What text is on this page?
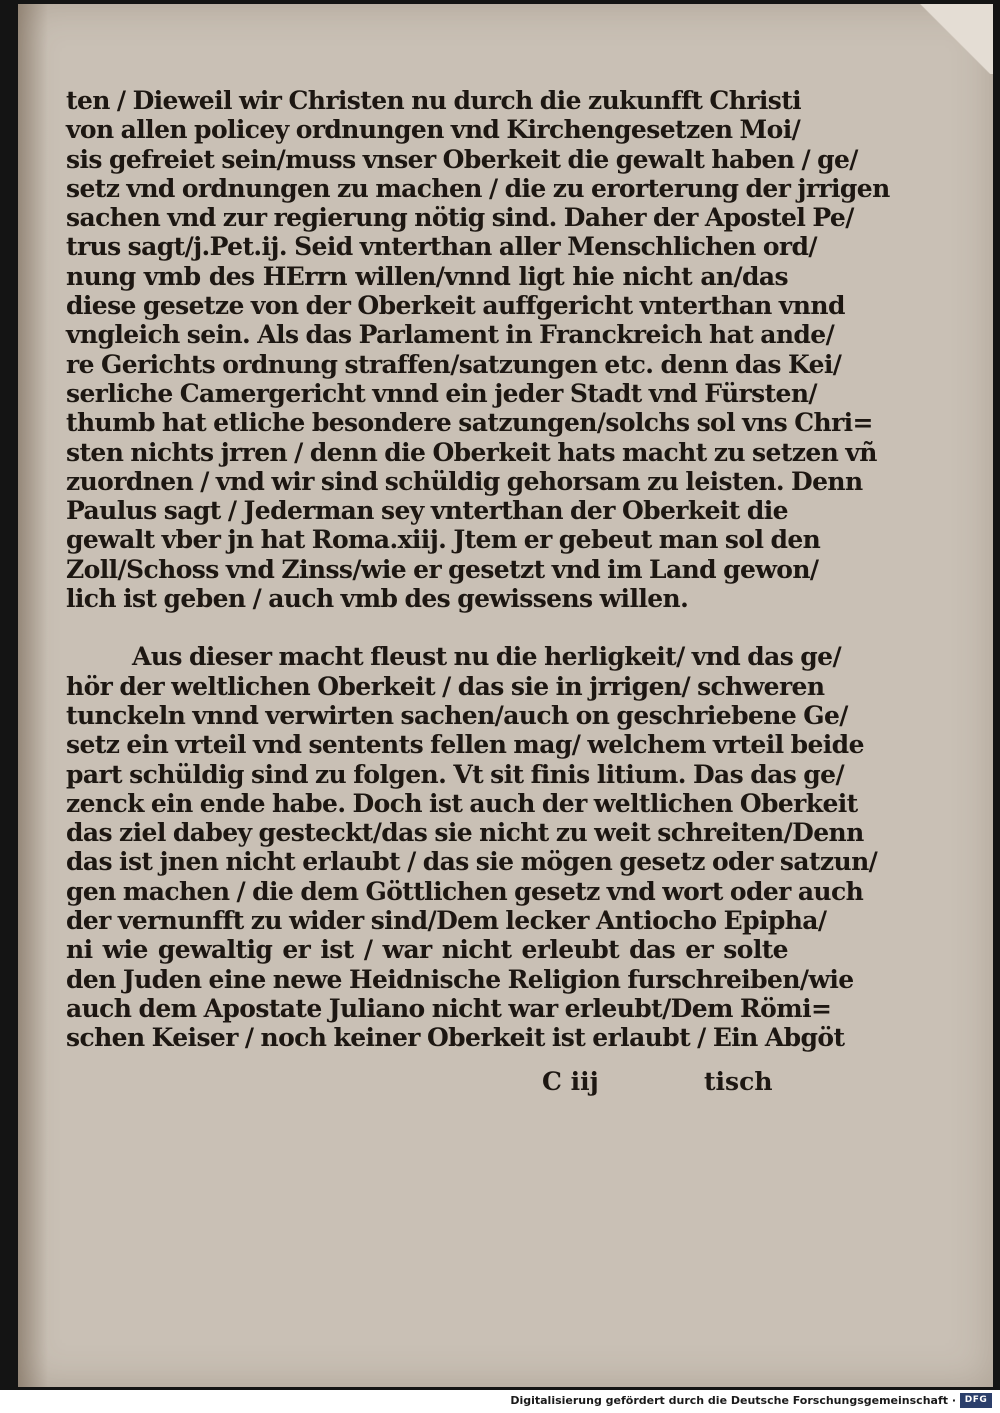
ten / Dieweil wir Christen nu durch die zukunfft Christi
von allen policey ordnungen vnd Kirchengesetzen Moi/
sis gefreiet sein/muss vnser Oberkeit die gewalt haben / ge/
setz vnd ordnungen zu machen / die zu erorterung der jrrigen
sachen vnd zur regierung nötig sind. Daher der Apostel Pe/
trus sagt/j.Pet.ij. Seid vnterthan aller Menschlichen ord/
nung vmb des HErrn willen/vnnd ligt hie nicht an/das
diese gesetze von der Oberkeit auffgericht vnterthan vnnd
vngleich sein. Als das Parlament in Franckreich hat ande/
re Gerichts ordnung straffen/satzungen etc. denn das Kei/
serliche Camergericht vnnd ein jeder Stadt vnd Fürsten/
thumb hat etliche besondere satzungen/solchs sol vns Chri=
sten nichts jrren / denn die Oberkeit hats macht zu setzen vñ
zuordnen / vnd wir sind schüldig gehorsam zu leisten. Denn
Paulus sagt / Jederman sey vnterthan der Oberkeit die
gewalt vber jn hat Roma.xiij. Jtem er gebeut man sol den
Zoll/Schoss vnd Zinss/wie er gesetzt vnd im Land gewon/
lich ist geben / auch vmb des gewissens willen.
Aus dieser macht fleust nu die herligkeit/ vnd das ge/
hör der weltlichen Oberkeit / das sie in jrrigen/ schweren
tunckeln vnnd verwirten sachen/auch on geschriebene Ge/
setz ein vrteil vnd sentents fellen mag/ welchem vrteil beide
part schüldig sind zu folgen. Vt sit finis litium. Das das ge/
zenck ein ende habe. Doch ist auch der weltlichen Oberkeit
das ziel dabey gesteckt/das sie nicht zu weit schreiten/Denn
das ist jnen nicht erlaubt / das sie mögen gesetz oder satzun/
gen machen / die dem Göttlichen gesetz vnd wort oder auch
der vernunfft zu wider sind/Dem lecker Antiocho Epipha/
ni wie gewaltig er ist / war nicht erleubt das er solte
den Juden eine newe Heidnische Religion furschreiben/wie
auch dem Apostate Juliano nicht war erleubt/Dem Römi=
schen Keiser / noch keiner Oberkeit ist erlaubt / Ein Abgöt
C iij	tisch
Digitalisierung gefördert durch die Deutsche Forschungsgemeinschaft · DFG
